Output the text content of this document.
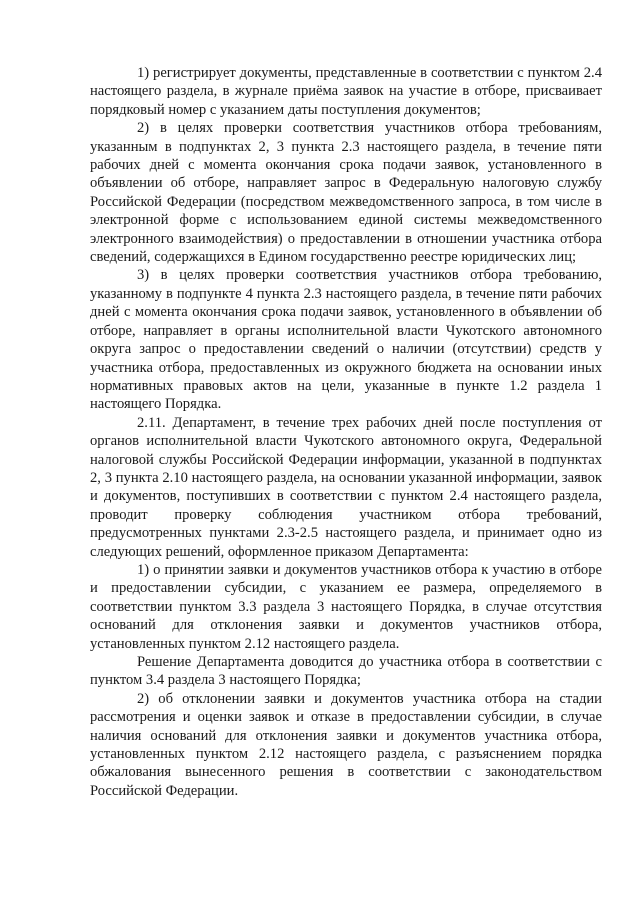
1) регистрирует документы, представленные в соответствии с пунктом 2.4 настоящего раздела, в журнале приёма заявок на участие в отборе, присваивает порядковый номер с указанием даты поступления документов;

2) в целях проверки соответствия участников отбора требованиям, указанным в подпунктах 2, 3 пункта 2.3 настоящего раздела, в течение пяти рабочих дней с момента окончания срока подачи заявок, установленного в объявлении об отборе, направляет запрос в Федеральную налоговую службу Российской Федерации (посредством межведомственного запроса, в том числе в электронной форме с использованием единой системы межведомственного электронного взаимодействия) о предоставлении в отношении участника отбора сведений, содержащихся в Едином государственно реестре юридических лиц;

3) в целях проверки соответствия участников отбора требованию, указанному в подпункте 4 пункта 2.3 настоящего раздела, в течение пяти рабочих дней с момента окончания срока подачи заявок, установленного в объявлении об отборе, направляет в органы исполнительной власти Чукотского автономного округа запрос о предоставлении сведений о наличии (отсутствии) средств у участника отбора, предоставленных из окружного бюджета на основании иных нормативных правовых актов на цели, указанные в пункте 1.2 раздела 1 настоящего Порядка.

2.11. Департамент, в течение трех рабочих дней после поступления от органов исполнительной власти Чукотского автономного округа, Федеральной налоговой службы Российской Федерации информации, указанной в подпунктах 2, 3 пункта 2.10 настоящего раздела, на основании указанной информации, заявок и документов, поступивших в соответствии с пунктом 2.4 настоящего раздела, проводит проверку соблюдения участником отбора требований, предусмотренных пунктами 2.3-2.5 настоящего раздела, и принимает одно из следующих решений, оформленное приказом Департамента:

1) о принятии заявки и документов участников отбора к участию в отборе и предоставлении субсидии, с указанием ее размера, определяемого в соответствии пунктом 3.3 раздела 3 настоящего Порядка, в случае отсутствия оснований для отклонения заявки и документов участников отбора, установленных пунктом 2.12 настоящего раздела.

Решение Департамента доводится до участника отбора в соответствии с пунктом 3.4 раздела 3 настоящего Порядка;

2) об отклонении заявки и документов участника отбора на стадии рассмотрения и оценки заявок и отказе в предоставлении субсидии, в случае наличия оснований для отклонения заявки и документов участника отбора, установленных пунктом 2.12 настоящего раздела, с разъяснением порядка обжалования вынесенного решения в соответствии с законодательством Российской Федерации.
